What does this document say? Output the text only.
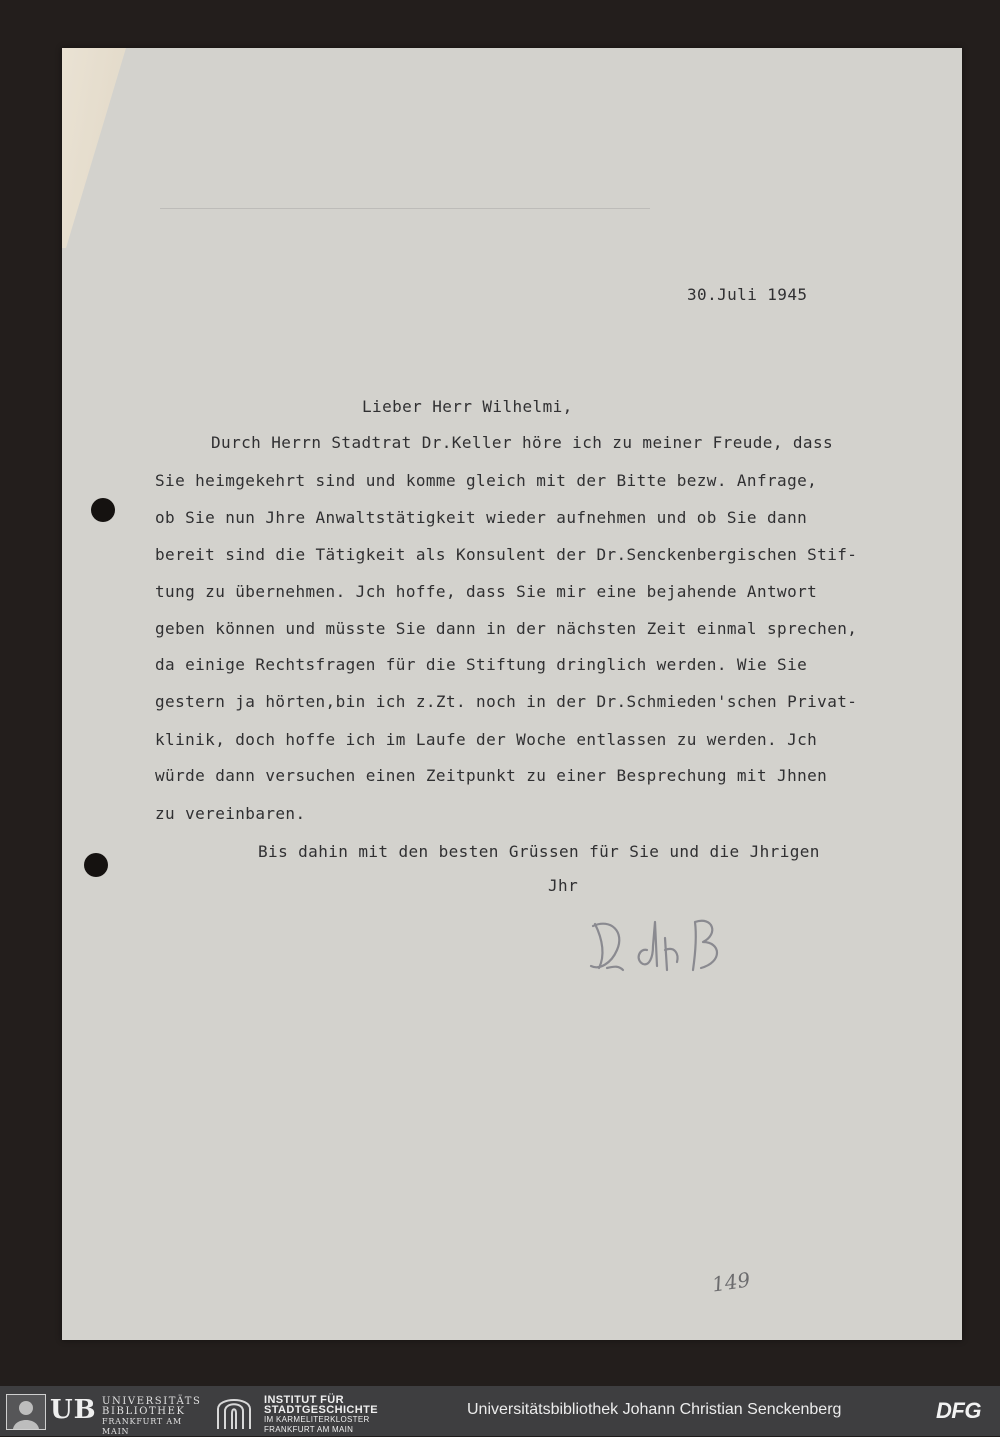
30.Juli 1945
Lieber Herr Wilhelmi,
Durch Herrn Stadtrat Dr.Keller höre ich zu meiner Freude, dass
Sie heimgekehrt sind und komme gleich mit der Bitte bezw. Anfrage,
ob Sie nun Jhre Anwaltstätigkeit wieder aufnehmen und ob Sie dann
bereit sind die Tätigkeit als Konsulent der Dr.Senckenbergischen Stif-
tung zu übernehmen. Jch hoffe, dass Sie mir eine bejahende Antwort
geben können und müsste Sie dann in der nächsten Zeit einmal sprechen,
da einige Rechtsfragen für die Stiftung dringlich werden. Wie Sie
gestern ja hörten,bin ich z.Zt. noch in der Dr.Schmieden'schen Privat-
klinik, doch hoffe ich im Laufe der Woche entlassen zu werden. Jch
würde dann versuchen einen Zeitpunkt zu einer Besprechung mit Jhnen
zu vereinbaren.
Bis dahin mit den besten Grüssen für Sie und die Jhrigen
Jhr
149
UB UNIVERSITÄTS
BIBLIOTHEK
FRANKFURT AM MAIN
INSTITUT FÜR
STADTGESCHICHTE
IM KARMELITERKLOSTER
FRANKFURT AM MAIN
Universitätsbibliothek Johann Christian Senckenberg	DFG
